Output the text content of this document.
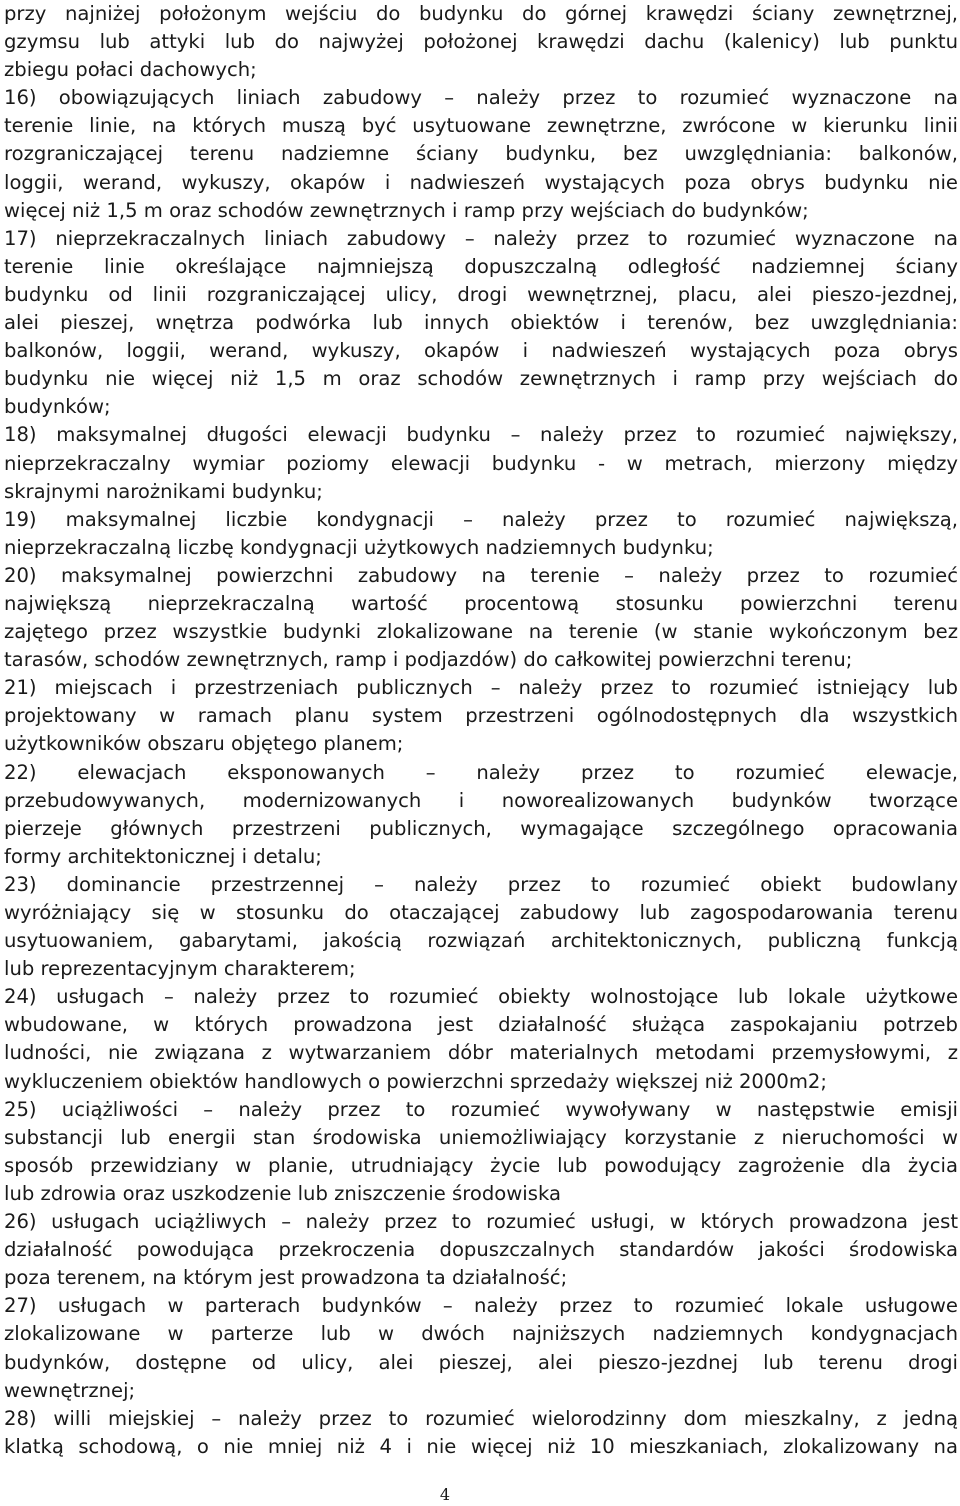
przy najniżej położonym wejściu do budynku do górnej krawędzi ściany zewnętrznej,
gzymsu lub attyki lub do najwyżej położonej krawędzi dachu (kalenicy) lub punktu
zbiegu połaci dachowych;
16) obowiązujących liniach zabudowy – należy przez to rozumieć wyznaczone na
terenie linie, na których muszą być usytuowane zewnętrzne, zwrócone w kierunku linii
rozgraniczającej terenu nadziemne ściany budynku, bez uwzględniania: balkonów,
loggii, werand, wykuszy, okapów i nadwieszeń wystających poza obrys budynku nie
więcej niż 1,5 m oraz schodów zewnętrznych i ramp przy wejściach do budynków;
17) nieprzekraczalnych liniach zabudowy – należy przez to rozumieć wyznaczone na
terenie linie określające najmniejszą dopuszczalną odległość nadziemnej ściany
budynku od linii rozgraniczającej ulicy, drogi wewnętrznej, placu, alei pieszo-jezdnej,
alei pieszej, wnętrza podwórka lub innych obiektów i terenów, bez uwzględniania:
balkonów, loggii, werand, wykuszy, okapów i nadwieszeń wystających poza obrys
budynku nie więcej niż 1,5 m oraz schodów zewnętrznych i ramp przy wejściach do
budynków;
18) maksymalnej długości elewacji budynku – należy przez to rozumieć największy,
nieprzekraczalny wymiar poziomy elewacji budynku - w metrach, mierzony między
skrajnymi narożnikami budynku;
19) maksymalnej liczbie kondygnacji – należy przez to rozumieć największą,
nieprzekraczalną liczbę kondygnacji użytkowych nadziemnych budynku;
20) maksymalnej powierzchni zabudowy na terenie – należy przez to rozumieć
największą nieprzekraczalną wartość procentową stosunku powierzchni terenu
zajętego przez wszystkie budynki zlokalizowane na terenie (w stanie wykończonym bez
tarasów, schodów zewnętrznych, ramp i podjazdów) do całkowitej powierzchni terenu;
21) miejscach i przestrzeniach publicznych – należy przez to rozumieć istniejący lub
projektowany w ramach planu system przestrzeni ogólnodostępnych dla wszystkich
użytkowników obszaru objętego planem;
22) elewacjach eksponowanych – należy przez to rozumieć elewacje,
przebudowywanych, modernizowanych i noworealizowanych budynków tworzące
pierzeje głównych przestrzeni publicznych, wymagające szczególnego opracowania
formy architektonicznej i detalu;
23) dominancie przestrzennej – należy przez to rozumieć obiekt budowlany
wyróżniający się w stosunku do otaczającej zabudowy lub zagospodarowania terenu
usytuowaniem, gabarytami, jakością rozwiązań architektonicznych, publiczną funkcją
lub reprezentacyjnym charakterem;
24) usługach – należy przez to rozumieć obiekty wolnostojące lub lokale użytkowe
wbudowane, w których prowadzona jest działalność służąca zaspokajaniu potrzeb
ludności, nie związana z wytwarzaniem dóbr materialnych metodami przemysłowymi, z
wykluczeniem obiektów handlowych o powierzchni sprzedaży większej niż 2000m2;
25) uciążliwości – należy przez to rozumieć wywoływany w następstwie emisji
substancji lub energii stan środowiska uniemożliwiający korzystanie z nieruchomości w
sposób przewidziany w planie, utrudniający życie lub powodujący zagrożenie dla życia
lub zdrowia oraz uszkodzenie lub zniszczenie środowiska
26) usługach uciążliwych – należy przez to rozumieć usługi, w których prowadzona jest
działalność powodująca przekroczenia dopuszczalnych standardów jakości środowiska
poza terenem, na którym jest prowadzona ta działalność;
27) usługach w parterach budynków – należy przez to rozumieć lokale usługowe
zlokalizowane w parterze lub w dwóch najniższych nadziemnych kondygnacjach
budynków, dostępne od ulicy, alei pieszej, alei pieszo-jezdnej lub terenu drogi
wewnętrznej;
28) willi miejskiej – należy przez to rozumieć wielorodzinny dom mieszkalny, z jedną
klatką schodową, o nie mniej niż 4 i nie więcej niż 10 mieszkaniach, zlokalizowany na
4
